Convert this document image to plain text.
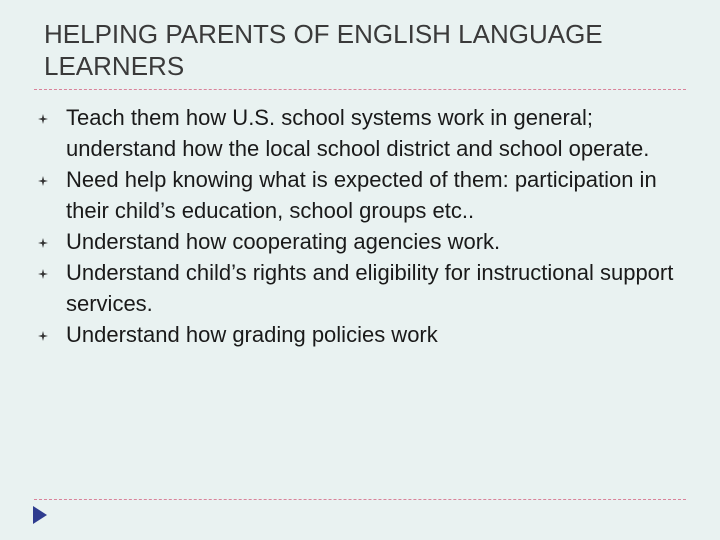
HELPING PARENTS OF ENGLISH LANGUAGE LEARNERS
Teach them how U.S. school systems work in general; understand how the local school district and school operate.
Need help knowing what is expected of them: participation in their child’s education, school groups etc..
Understand how cooperating agencies work.
Understand child’s rights and eligibility for instructional support services.
Understand how grading policies work
